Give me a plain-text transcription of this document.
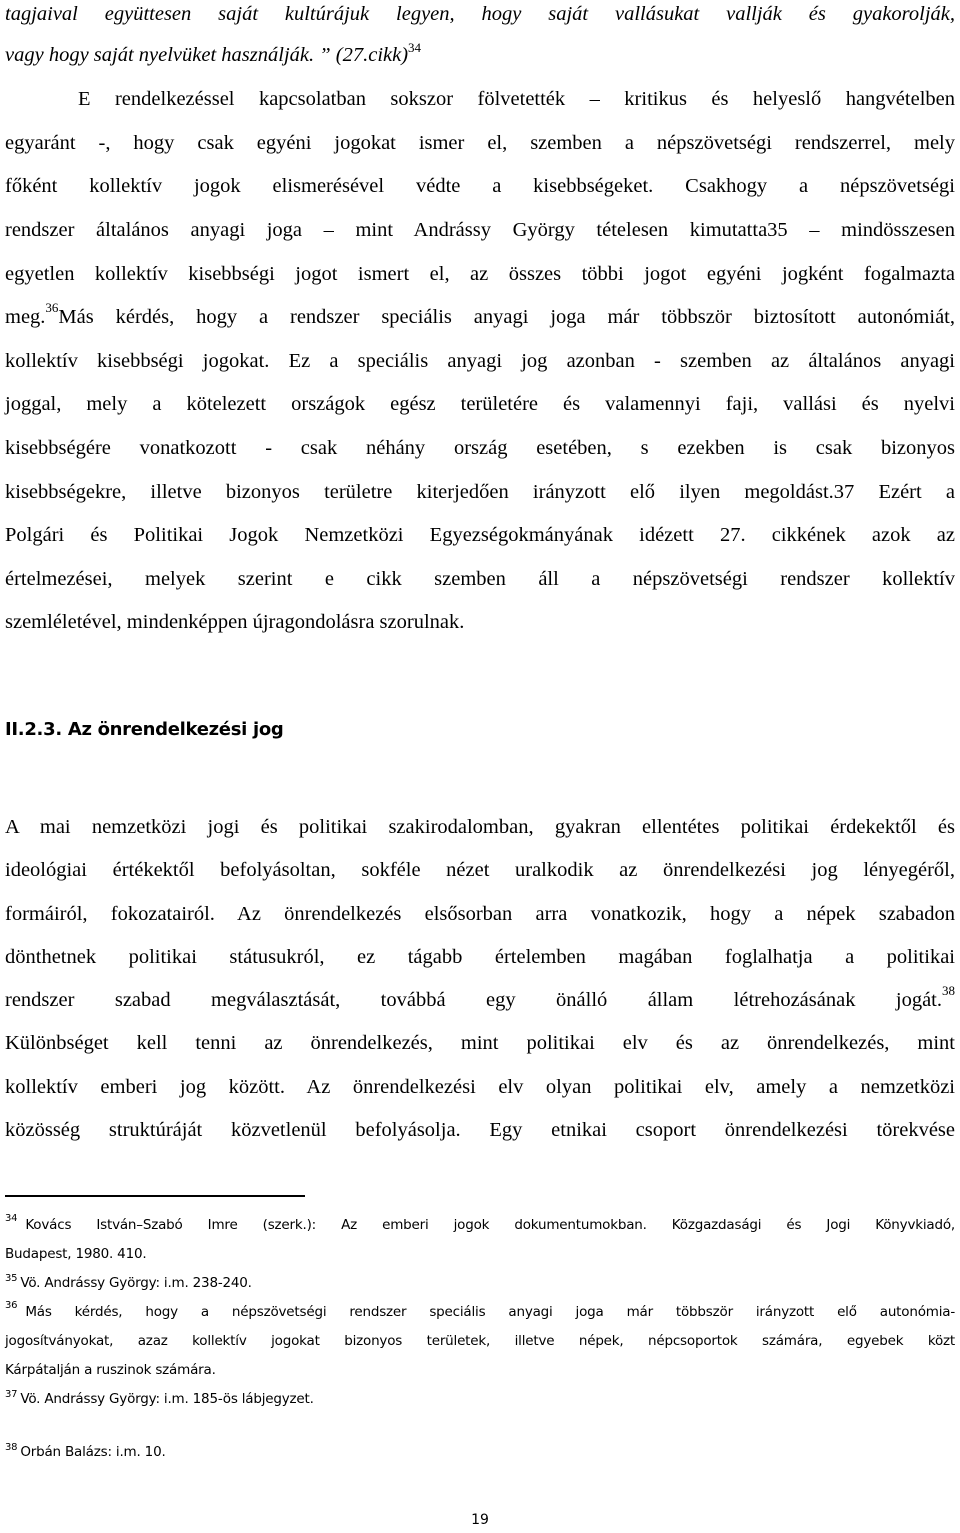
tagjaival együttesen saját kultúrájuk legyen, hogy saját vallásukat vallják és gyakorolják,
vagy hogy saját nyelvüket használják. ” (27.cikk)$^{34}$
E rendelkezéssel kapcsolatban sokszor fölvetették – kritikus és helyeslő hangvételben
egyaránt -, hogy csak egyéni jogokat ismer el, szemben a népszövetségi rendszerrel, mely
főként kollektív jogok elismerésével védte a kisebbségeket. Csakhogy a népszövetségi
rendszer általános anyagi joga – mint Andrássy György tételesen kimutatta35 – mindösszesen
egyetlen kollektív kisebbségi jogot ismert el, az összes többi jogot egyéni jogként fogalmazta
meg. 36 Más kérdés, hogy a rendszer speciális anyagi joga már többször biztosított autonómiát,
kollektív kisebbségi jogokat. Ez a speciális anyagi jog azonban - szemben az általános anyagi
joggal, mely a kötelezett országok egész területére és valamennyi faji, vallási és nyelvi
kisebbségére vonatkozott - csak néhány ország esetében, s ezekben is csak bizonyos
kisebbségekre, illetve bizonyos területre kiterjedően irányzott elő ilyen megoldást.37 Ezért a
Polgári és Politikai Jogok Nemzetközi Egyezségokmányának idézett 27. cikkének azok az
értelmezései, melyek szerint e cikk szemben áll a népszövetségi rendszer kollektív
szemléletével, mindenképpen újragondolásra szorulnak.
II.2.3. Az önrendelkezési jog
A mai nemzetközi jogi és politikai szakirodalomban, gyakran ellentétes politikai érdekektől és
ideológiai értékektől befolyásoltan, sokféle nézet uralkodik az önrendelkezési jog lényegéről,
formáiról, fokozatairól. Az önrendelkezés elsősorban arra vonatkozik, hogy a népek szabadon
dönthetnek politikai státusukról, ez tágabb értelemben magában foglalhatja a politikai
rendszer szabad megválasztását, továbbá egy önálló állam létrehozásának jogát. 38
Különbséget kell tenni az önrendelkezés, mint politikai elv és az önrendelkezés, mint
kollektív emberi jog között. Az önrendelkezési elv olyan politikai elv, amely a nemzetközi
közösség struktúráját közvetlenül befolyásolja. Egy etnikai csoport önrendelkezési törekvése
34 Kovács István–Szabó Imre (szerk.): Az emberi jogok dokumentumokban. Közgazdasági és Jogi Könyvkiadó,
Budapest, 1980. 410.
$^{35}$ Vö. Andrássy György: i.m. 238-240.
36 Más kérdés, hogy a népszövetségi rendszer speciális anyagi joga már többször irányzott elő autonómia-
jogosítványokat, azaz kollektív jogokat bizonyos területek, illetve népek, népcsoportok számára, egyebek közt
Kárpátalján a ruszinok számára.
$^{37}$ Vö. Andrássy György: i.m. 185-ös lábjegyzet.
$^{38}$ Orbán Balázs: i.m. 10.
19
